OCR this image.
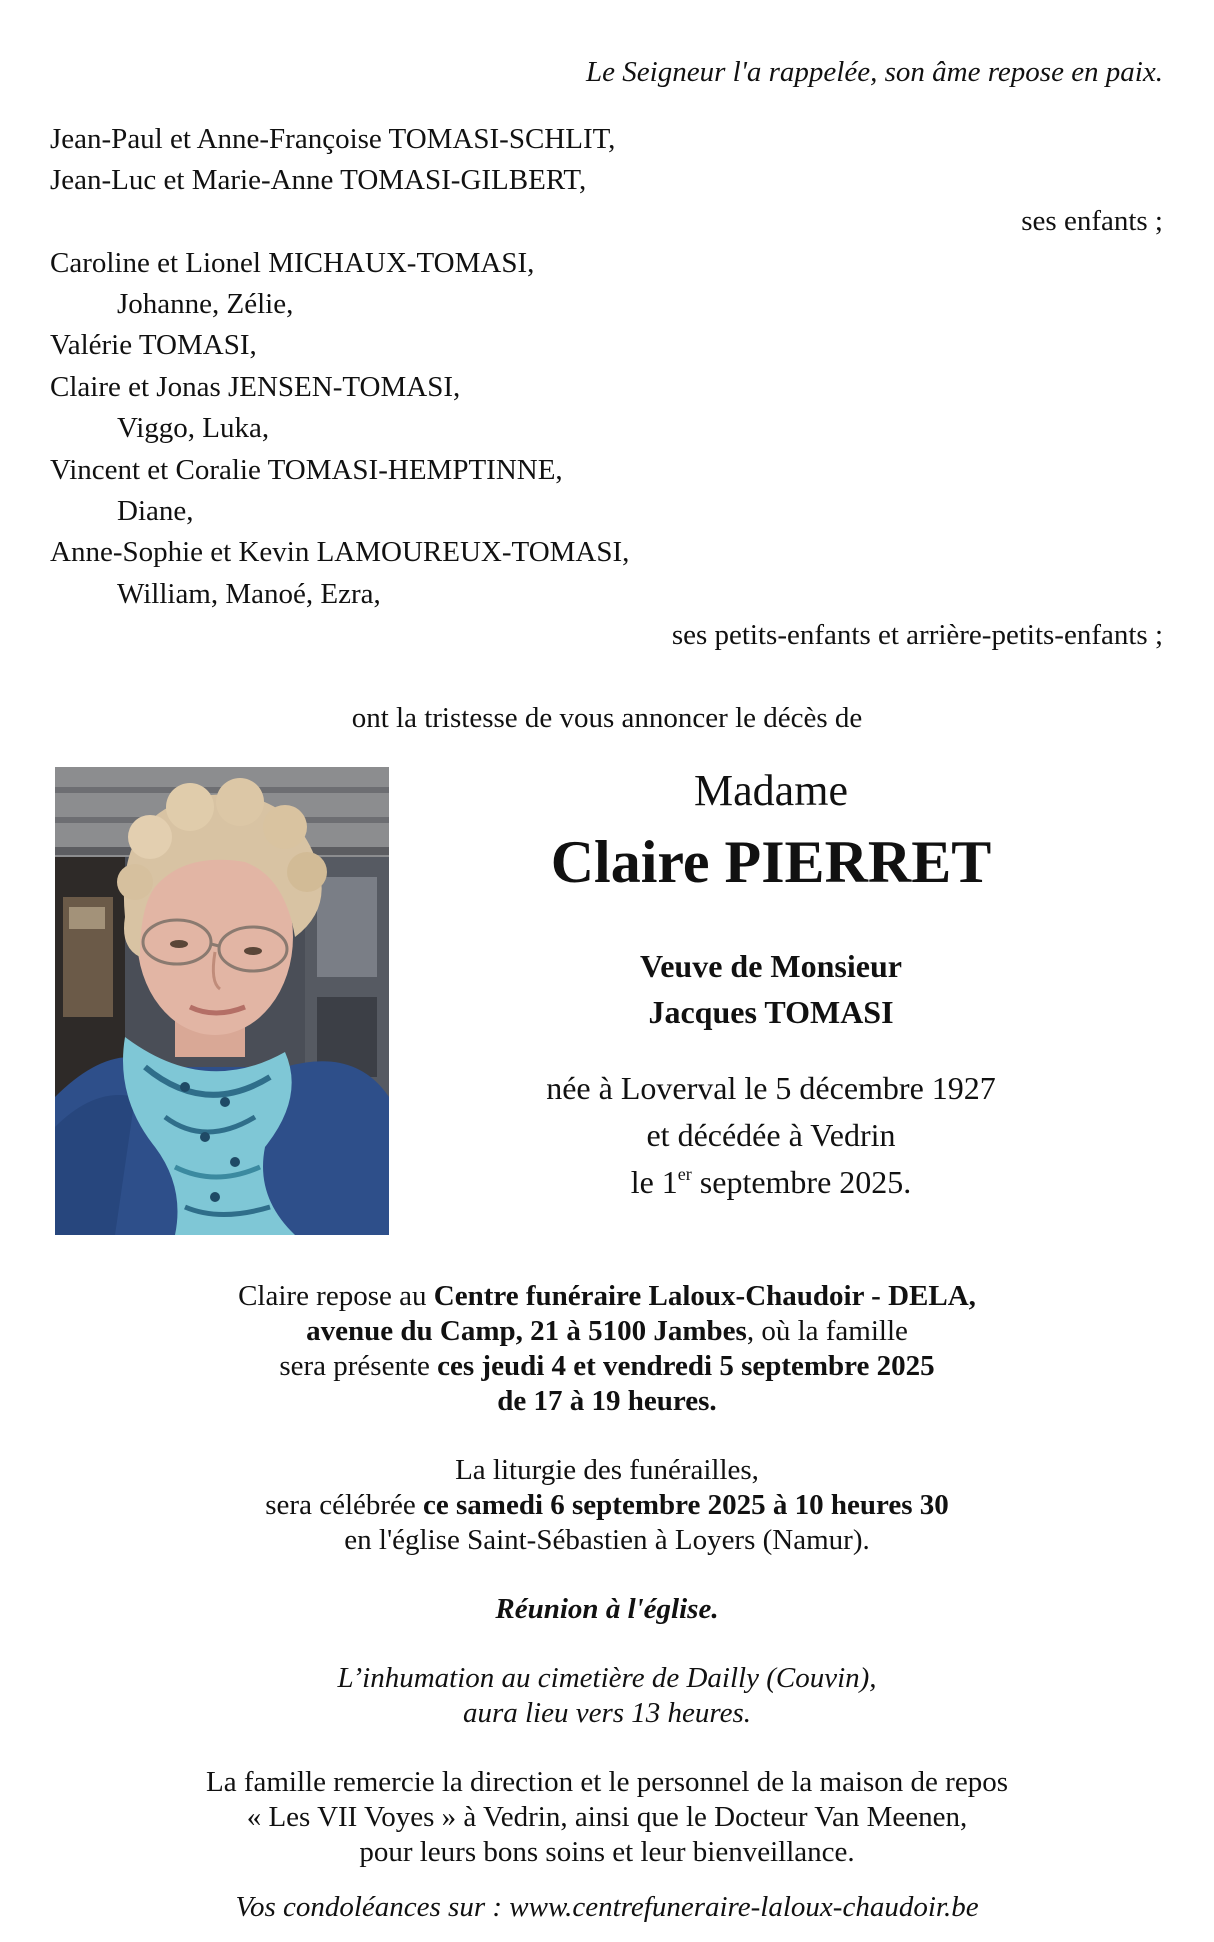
Le Seigneur l'a rappelée, son âme repose en paix.
Jean-Paul et Anne-Françoise TOMASI-SCHLIT,
Jean-Luc et Marie-Anne TOMASI-GILBERT,
ses enfants ;
Caroline et Lionel MICHAUX-TOMASI,
Johanne, Zélie,
Valérie TOMASI,
Claire et Jonas JENSEN-TOMASI,
Viggo, Luka,
Vincent et Coralie TOMASI-HEMPTINNE,
Diane,
Anne-Sophie et Kevin LAMOUREUX-TOMASI,
William, Manoé, Ezra,
ses petits-enfants et arrière-petits-enfants ;
ont la tristesse de vous annoncer le décès de
Madame
Claire PIERRET
Veuve de Monsieur
Jacques TOMASI
née à Loverval le 5 décembre 1927
et décédée à Vedrin
le 1er septembre 2025.
Claire repose au Centre funéraire Laloux-Chaudoir - DELA,
avenue du Camp, 21 à 5100 Jambes, où la famille
sera présente ces jeudi 4 et vendredi 5 septembre 2025
de 17 à 19 heures.
La liturgie des funérailles,
sera célébrée ce samedi 6 septembre 2025 à 10 heures 30
en l'église Saint-Sébastien à Loyers (Namur).
Réunion à l'église.
L’inhumation au cimetière de Dailly (Couvin),
aura lieu vers 13 heures.
La famille remercie la direction et le personnel de la maison de repos
« Les VII Voyes » à Vedrin, ainsi que le Docteur Van Meenen,
pour leurs bons soins et leur bienveillance.
Vos condoléances sur : www.centrefuneraire-laloux-chaudoir.be
